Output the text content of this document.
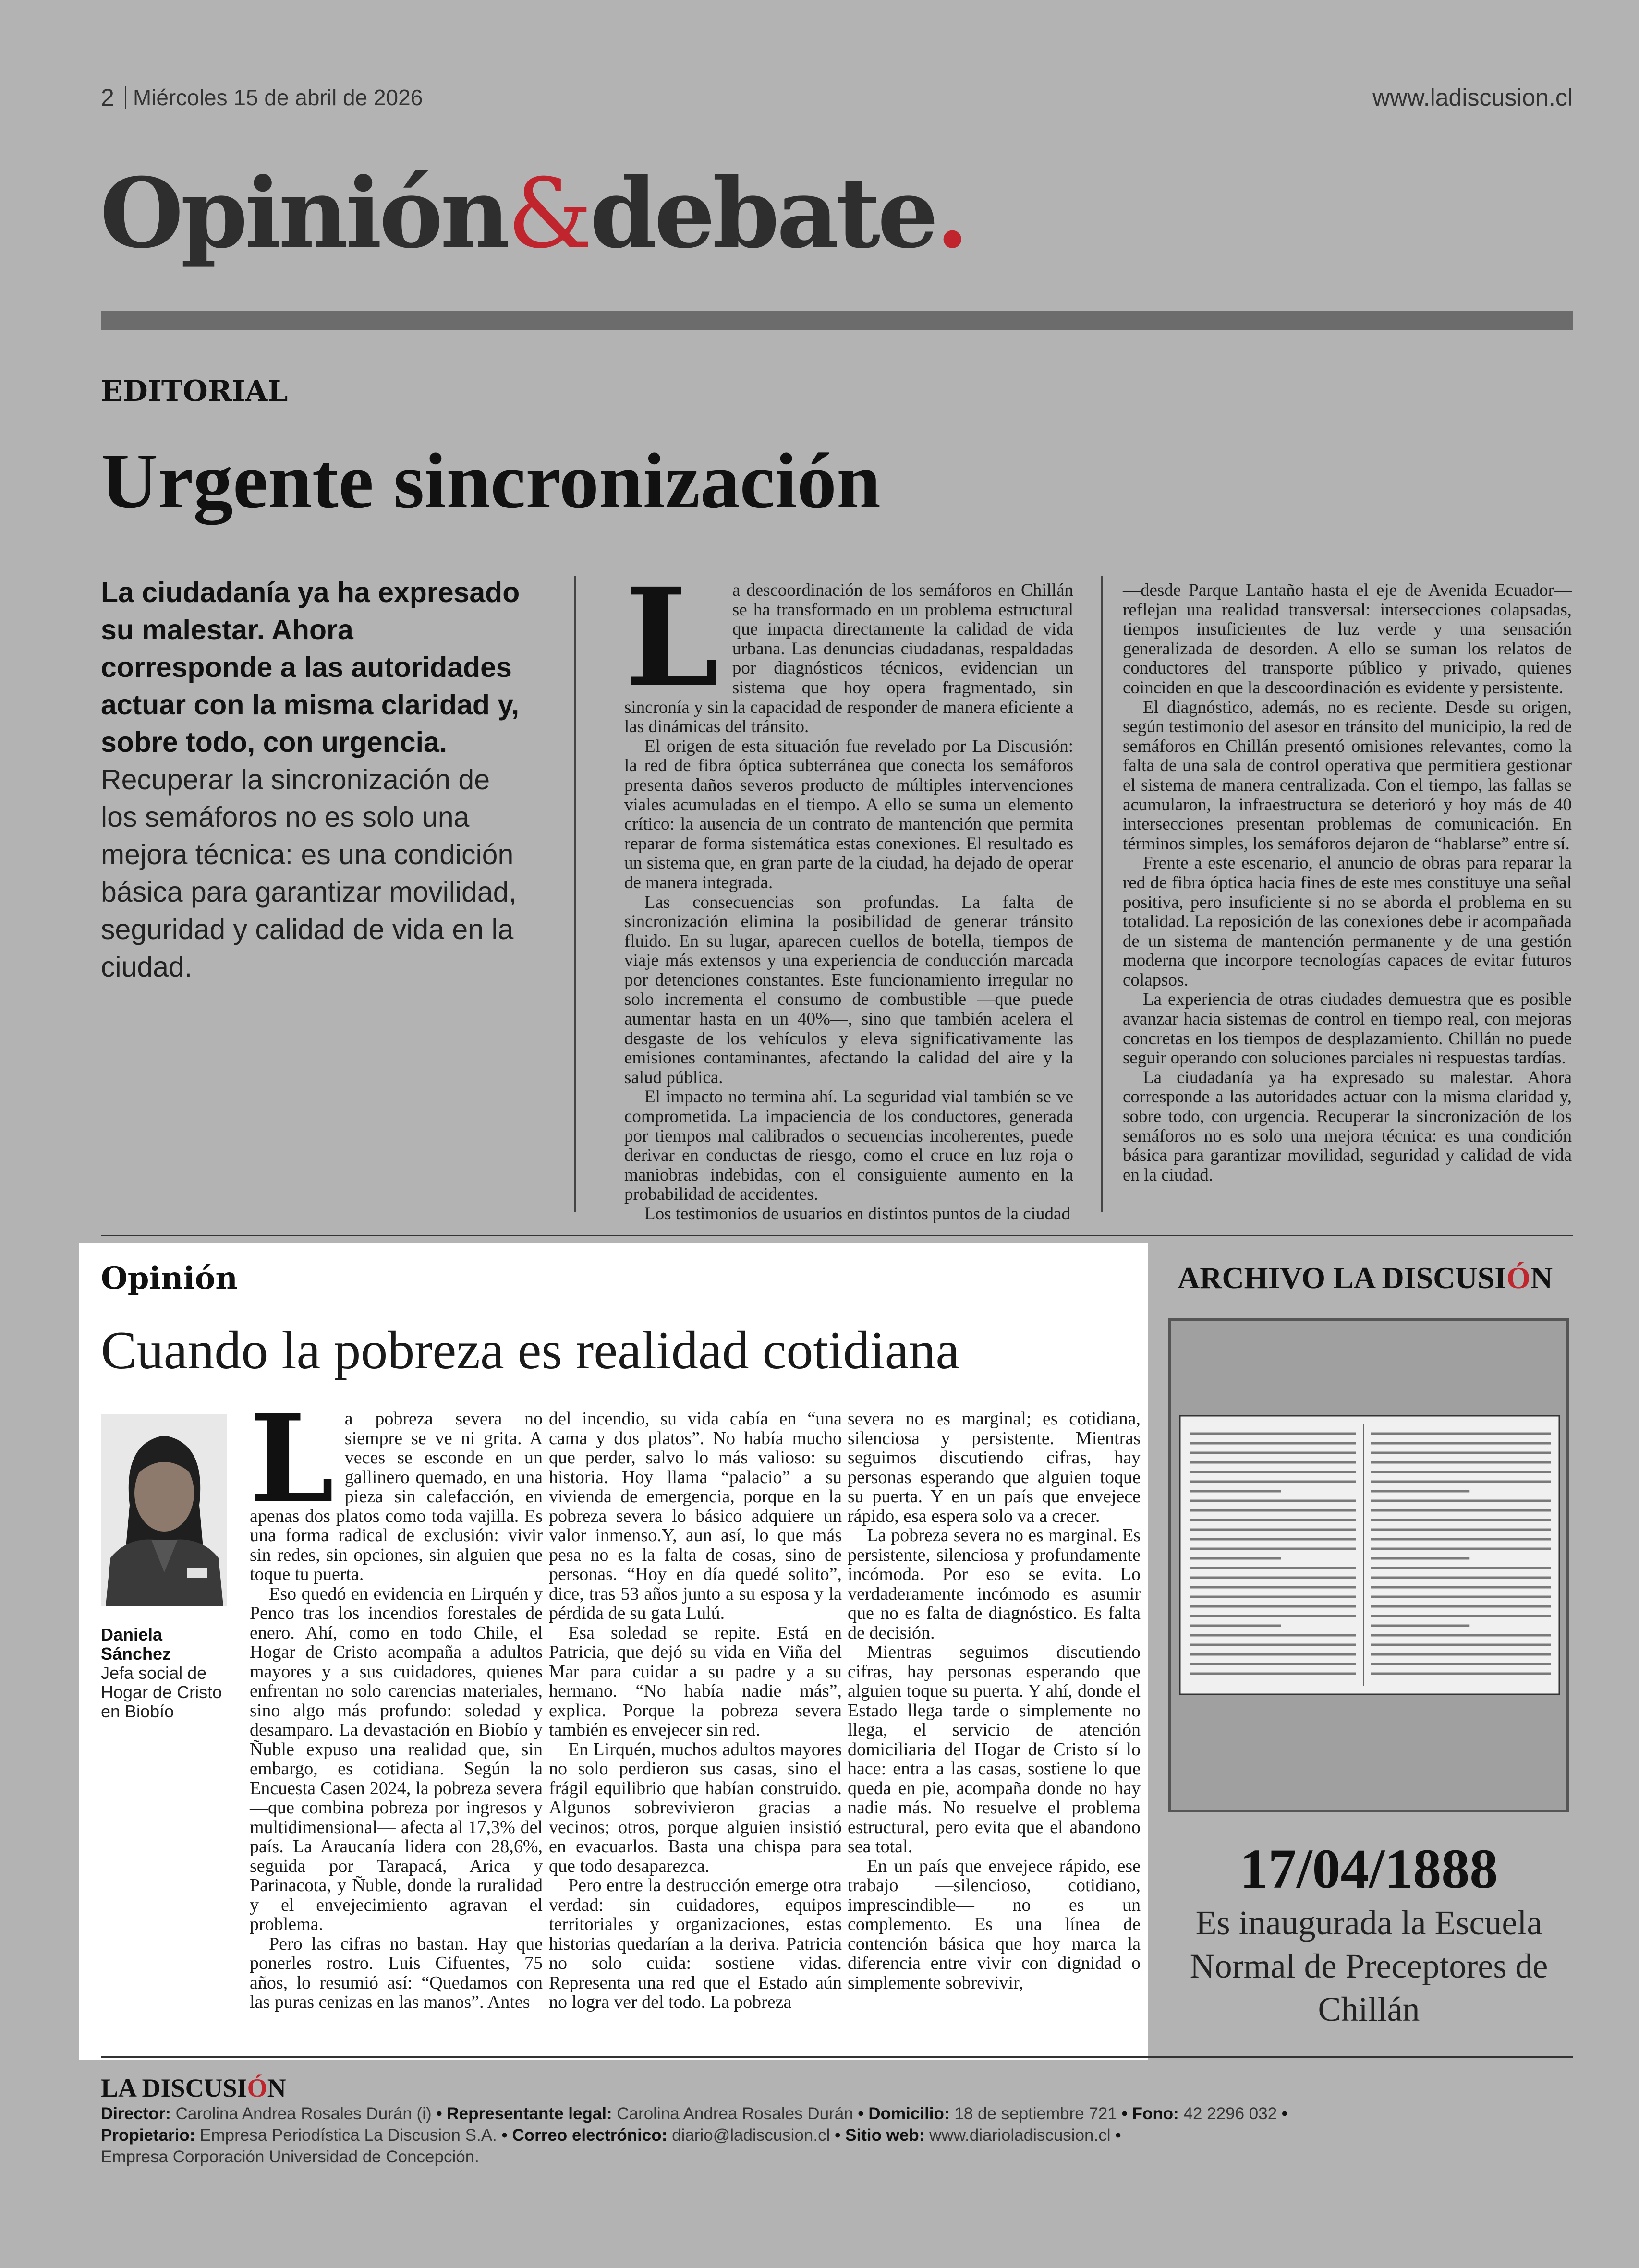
2 Miércoles 15 de abril de 2026	www.ladiscusion.cl
Opinión&debate.
EDITORIAL
Urgente sincronización
La ciudadanía ya ha expresado su malestar. Ahora corresponde a las autoridades actuar con la misma claridad y, sobre todo, con urgencia. Recuperar la sincronización de los semáforos no es solo una mejora técnica: es una condición básica para garantizar movilidad, seguridad y calidad de vida en la ciudad.
L a descoordinación de los semáforos en Chillán se ha transformado en un problema estructural que impacta directamente la calidad de vida urbana. Las denuncias ciudadanas, respaldadas por diagnósticos técnicos, evidencian un sistema que hoy opera fragmentado, sin sincronía y sin la capacidad de responder de manera eficiente a las dinámicas del tránsito.

El origen de esta situación fue revelado por La Discusión: la red de fibra óptica subterránea que conecta los semáforos presenta daños severos producto de múltiples intervenciones viales acumuladas en el tiempo. A ello se suma un elemento crítico: la ausencia de un contrato de mantención que permita reparar de forma sistemática estas conexiones. El resultado es un sistema que, en gran parte de la ciudad, ha dejado de operar de manera integrada.

Las consecuencias son profundas. La falta de sincronización elimina la posibilidad de generar tránsito fluido. En su lugar, aparecen cuellos de botella, tiempos de viaje más extensos y una experiencia de conducción marcada por detenciones constantes. Este funcionamiento irregular no solo incrementa el consumo de combustible —que puede aumentar hasta en un 40%—, sino que también acelera el desgaste de los vehículos y eleva significativamente las emisiones contaminantes, afectando la calidad del aire y la salud pública.

El impacto no termina ahí. La seguridad vial también se ve comprometida. La impaciencia de los conductores, generada por tiempos mal calibrados o secuencias incoherentes, puede derivar en conductas de riesgo, como el cruce en luz roja o maniobras indebidas, con el consiguiente aumento en la probabilidad de accidentes.

Los testimonios de usuarios en distintos puntos de la ciudad

—desde Parque Lantaño hasta el eje de Avenida Ecuador— reflejan una realidad transversal: intersecciones colapsadas, tiempos insuficientes de luz verde y una sensación generalizada de desorden. A ello se suman los relatos de conductores del transporte público y privado, quienes coinciden en que la descoordinación es evidente y persistente.

El diagnóstico, además, no es reciente. Desde su origen, según testimonio del asesor en tránsito del municipio, la red de semáforos en Chillán presentó omisiones relevantes, como la falta de una sala de control operativa que permitiera gestionar el sistema de manera centralizada. Con el tiempo, las fallas se acumularon, la infraestructura se deterioró y hoy más de 40 intersecciones presentan problemas de comunicación. En términos simples, los semáforos dejaron de “hablarse” entre sí.

Frente a este escenario, el anuncio de obras para reparar la red de fibra óptica hacia fines de este mes constituye una señal positiva, pero insuficiente si no se aborda el problema en su totalidad. La reposición de las conexiones debe ir acompañada de un sistema de mantención permanente y de una gestión moderna que incorpore tecnologías capaces de evitar futuros colapsos.

La experiencia de otras ciudades demuestra que es posible avanzar hacia sistemas de control en tiempo real, con mejoras concretas en los tiempos de desplazamiento. Chillán no puede seguir operando con soluciones parciales ni respuestas tardías.

La ciudadanía ya ha expresado su malestar. Ahora corresponde a las autoridades actuar con la misma claridad y, sobre todo, con urgencia. Recuperar la sincronización de los semáforos no es solo una mejora técnica: es una condición básica para garantizar movilidad, seguridad y calidad de vida en la ciudad.

Opinión
Cuando la pobreza es realidad cotidiana
Daniela Sánchez
Jefa social de Hogar de Cristo en Biobío
L a pobreza severa no siempre se ve ni grita. A veces se esconde en un gallinero quemado, en una pieza sin calefacción, en apenas dos platos como toda vajilla. Es una forma radical de exclusión: vivir sin redes, sin opciones, sin alguien que toque tu puerta.

Eso quedó en evidencia en Lirquén y Penco tras los incendios forestales de enero. Ahí, como en todo Chile, el Hogar de Cristo acompaña a adultos mayores y a sus cuidadores, quienes enfrentan no solo carencias materiales, sino algo más profundo: soledad y desamparo. La devastación en Biobío y Ñuble expuso una realidad que, sin embargo, es cotidiana. Según la Encuesta Casen 2024, la pobreza severa —que combina pobreza por ingresos y multidimensional— afecta al 17,3% del país. La Araucanía lidera con 28,6%, seguida por Tarapacá, Arica y Parinacota, y Ñuble, donde la ruralidad y el envejecimiento agravan el problema.

Pero las cifras no bastan. Hay que ponerles rostro. Luis Cifuentes, 75 años, lo resumió así: “Quedamos con las puras cenizas en las manos”. Antes

del incendio, su vida cabía en “una cama y dos platos”. No había mucho que perder, salvo lo más valioso: su historia. Hoy llama “palacio” a su vivienda de emergencia, porque en la pobreza severa lo básico adquiere un valor inmenso.Y, aun así, lo que más pesa no es la falta de cosas, sino de personas. “Hoy en día quedé solito”, dice, tras 53 años junto a su esposa y la pérdida de su gata Lulú.

Esa soledad se repite. Está en Patricia, que dejó su vida en Viña del Mar para cuidar a su padre y a su hermano. “No había nadie más”, explica. Porque la pobreza severa también es envejecer sin red.

En Lirquén, muchos adultos mayores no solo perdieron sus casas, sino el frágil equilibrio que habían construido. Algunos sobrevivieron gracias a vecinos; otros, porque alguien insistió en evacuarlos. Basta una chispa para que todo desaparezca.

Pero entre la destrucción emerge otra verdad: sin cuidadores, equipos territoriales y organizaciones, estas historias quedarían a la deriva. Patricia no solo cuida: sostiene vidas. Representa una red que el Estado aún no logra ver del todo. La pobreza

severa no es marginal; es cotidiana, silenciosa y persistente. Mientras seguimos discutiendo cifras, hay personas esperando que alguien toque su puerta. Y en un país que envejece rápido, esa espera solo va a crecer.

La pobreza severa no es marginal. Es persistente, silenciosa y profundamente incómoda. Por eso se evita. Lo verdaderamente incómodo es asumir que no es falta de diagnóstico. Es falta de decisión.

Mientras seguimos discutiendo cifras, hay personas esperando que alguien toque su puerta. Y ahí, donde el Estado llega tarde o simplemente no llega, el servicio de atención domiciliaria del Hogar de Cristo sí lo hace: entra a las casas, sostiene lo que queda en pie, acompaña donde no hay nadie más. No resuelve el problema estructural, pero evita que el abandono sea total.

En un país que envejece rápido, ese trabajo —silencioso, cotidiano, imprescindible— no es un complemento. Es una línea de contención básica que hoy marca la diferencia entre vivir con dignidad o simplemente sobrevivir,

ARCHIVO LA DISCUSIÓN
17/04/1888
Es inaugurada la Escuela Normal de Preceptores de Chillán
LA DISCUSIÓN
Director: Carolina Andrea Rosales Durán (i) • Representante legal: Carolina Andrea Rosales Durán • Domicilio: 18 de septiembre 721 • Fono: 42 2296 032 •
Propietario: Empresa Periodística La Discusion S.A. • Correo electrónico: diario@ladiscusion.cl • Sitio web: www.diarioladiscusion.cl •
Empresa Corporación Universidad de Concepción.
